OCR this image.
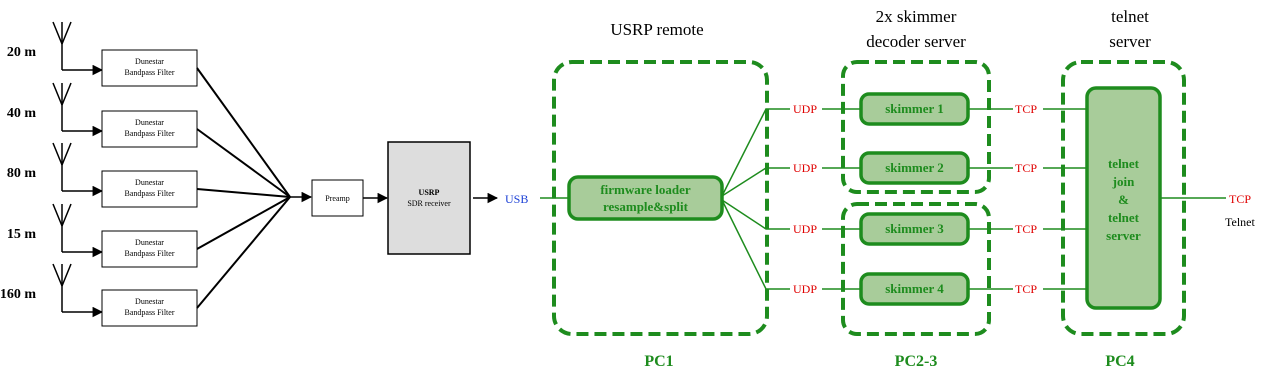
20 m
Dunestar
Bandpass Filter
40 m
Dunestar
Bandpass Filter
80 m
Dunestar
Bandpass Filter
15 m
Dunestar
Bandpass Filter
160 m	Dunestar
Bandpass Filter
Preamp
USRP
SDR receiver	USB
USRP remote
PC1
firmware loader
resample&split
UDP
UDP
UDP
UDP
2x skimmer
decoder server
PC2-3
skimmer 1
skimmer 2
skimmer 3
skimmer 4
TCP
TCP
TCP
TCP
telnet
server
PC4
telnet
join
&
telnet
server
TCP
Telnet
